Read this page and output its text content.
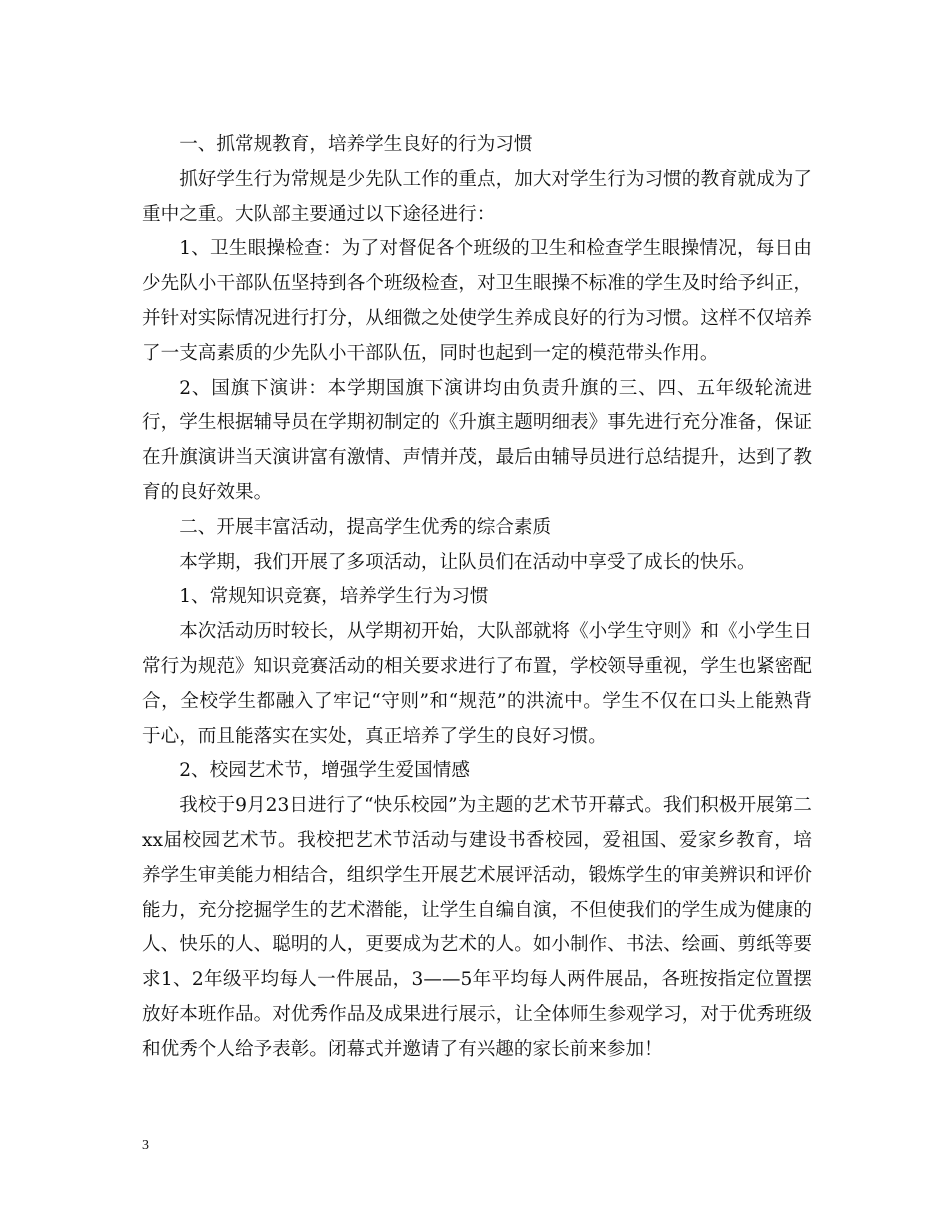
一、抓常规教育，培养学生良好的行为习惯

抓好学生行为常规是少先队工作的重点，加大对学生行为习惯的教育就成为了重中之重。大队部主要通过以下途径进行：

1、卫生眼操检查：为了对督促各个班级的卫生和检查学生眼操情况，每日由少先队小干部队伍坚持到各个班级检查，对卫生眼操不标准的学生及时给予纠正，并针对实际情况进行打分，从细微之处使学生养成良好的行为习惯。这样不仅培养了一支高素质的少先队小干部队伍，同时也起到一定的模范带头作用。

2、国旗下演讲：本学期国旗下演讲均由负责升旗的三、四、五年级轮流进行，学生根据辅导员在学期初制定的《升旗主题明细表》事先进行充分准备，保证在升旗演讲当天演讲富有激情、声情并茂，最后由辅导员进行总结提升，达到了教育的良好效果。

二、开展丰富活动，提高学生优秀的综合素质

本学期，我们开展了多项活动，让队员们在活动中享受了成长的快乐。

1、常规知识竞赛，培养学生行为习惯

本次活动历时较长，从学期初开始，大队部就将《小学生守则》和《小学生日常行为规范》知识竞赛活动的相关要求进行了布置，学校领导重视，学生也紧密配合，全校学生都融入了牢记“守则”和“规范”的洪流中。学生不仅在口头上能熟背于心，而且能落实在实处，真正培养了学生的良好习惯。

2、校园艺术节，增强学生爱国情感

我校于9月23日进行了“快乐校园”为主题的艺术节开幕式。我们积极开展第二xx届校园艺术节。我校把艺术节活动与建设书香校园，爱祖国、爱家乡教育，培养学生审美能力相结合，组织学生开展艺术展评活动，锻炼学生的审美辨识和评价能力，充分挖掘学生的艺术潜能，让学生自编自演，不但使我们的学生成为健康的人、快乐的人、聪明的人，更要成为艺术的人。如小制作、书法、绘画、剪纸等要求1、2年级平均每人一件展品，3——5年平均每人两件展品，各班按指定位置摆放好本班作品。对优秀作品及成果进行展示，让全体师生参观学习，对于优秀班级和优秀个人给予表彰。闭幕式并邀请了有兴趣的家长前来参加！

3
